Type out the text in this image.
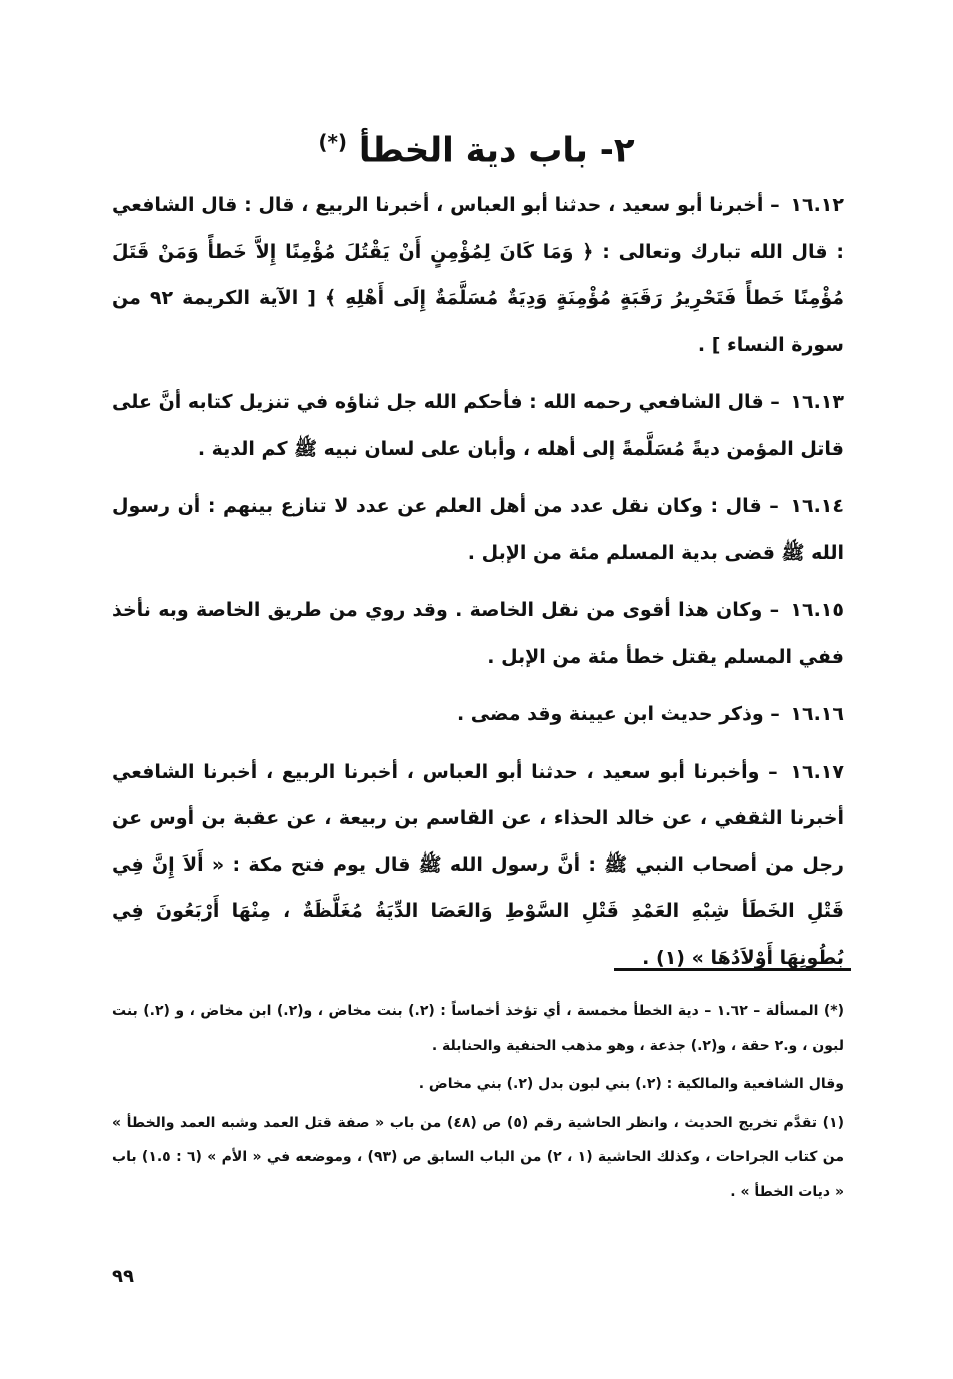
٢- باب دية الخطأ (*)

١٦.١٢ – أخبرنا أبو سعيد ، حدثنا أبو العباس ، أخبرنا الربيع ، قال : قال الشافعي : قال الله تبارك وتعالى : ﴿ وَمَا كَانَ لِمُؤْمِنٍ أَنْ يَقْتُلَ مُؤْمِنًا إِلاَّ خَطأً وَمَنْ قَتَلَ مُؤْمِنًا خَطأً فَتَحْرِيرُ رَقَبَةٍ مُؤْمِنَةٍ وَدِيَةٌ مُسَلَّمَةٌ إِلَى أَهْلِهِ ﴾ [ الآية الكريمة ٩٢ من سورة النساء ] .

١٦.١٣ – قال الشافعي رحمه الله : فأحكم الله جل ثناؤه في تنزيل كتابه أنَّ على قاتل المؤمن ديةً مُسَلَّمةً إلى أهله ، وأبان على لسان نبيه ﷺ كم الدية .

١٦.١٤ – قال : وكان نقل عدد من أهل العلم عن عدد لا تنازع بينهم : أن رسول الله ﷺ قضى بدية المسلم مئة من الإبل .

١٦.١٥ – وكان هذا أقوى من نقل الخاصة . وقد روي من طريق الخاصة وبه نأخذ ففي المسلم يقتل خطأ مئة من الإبل .

١٦.١٦ – وذكر حديث ابن عيينة وقد مضى .

١٦.١٧ – وأخبرنا أبو سعيد ، حدثنا أبو العباس ، أخبرنا الربيع ، أخبرنا الشافعي أخبرنا الثقفي ، عن خالد الحذاء ، عن القاسم بن ربيعة ، عن عقبة بن أوس عن رجل من أصحاب النبي ﷺ : أنَّ رسول الله ﷺ قال يوم فتح مكة : « أَلاَ إِنَّ فِي قَتْلِ الخَطَأ شِبْهِ العَمْدِ قَتْلِ السَّوْطِ وَالعَصَا الدِّيَةُ مُغَلَّظَةٌ ، مِنْهَا أَرْبَعُونَ فِي بُطُونِهَا أَوْلاَدُهَا » (١) .

(*) المسألة – ١.٦٢ – دية الخطأ مخمسة ، أي تؤخذ أخماساً : (٢.) بنت مخاض ، و(٢.) ابن مخاض ، و (٢.) بنت لبون ، و.٢ حقة ، و(٢.) جذعة ، وهو مذهب الحنفية والحنابلة .

وقال الشافعية والمالكية : (٢.) بني لبون بدل (٢.) بني مخاض .

(١) تقدَّم تخريج الحديث ، وانظر الحاشية رقم (٥) ص (٤٨) من باب « صفة قتل العمد وشبه العمد والخطأ » من كتاب الجراحات ، وكذلك الحاشية (١ ، ٢) من الباب السابق ص (٩٣) ، وموضعه في « الأم » (٦ : ١.٥) باب « ديات الخطأ » .

٩٩
